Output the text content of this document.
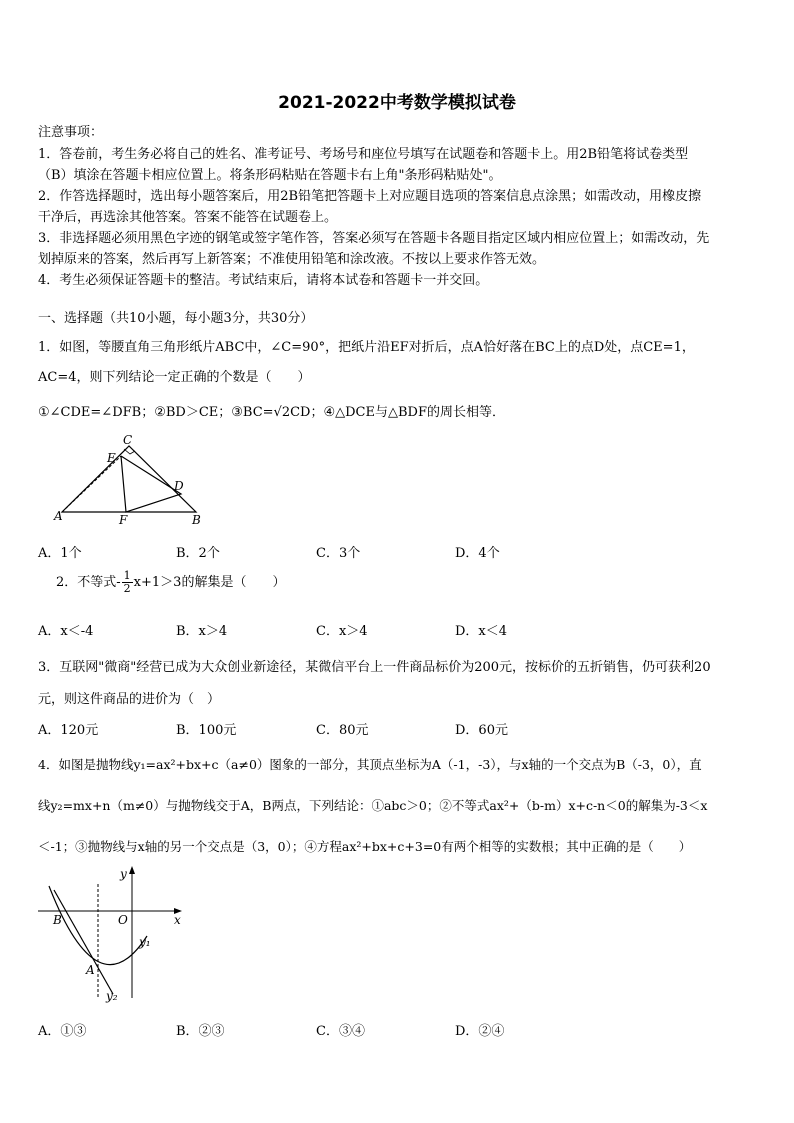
2021-2022中考数学模拟试卷
注意事项：
1．答卷前，考生务必将自己的姓名、准考证号、考场号和座位号填写在试题卷和答题卡上。用2B铅笔将试卷类型
（B）填涂在答题卡相应位置上。将条形码粘贴在答题卡右上角"条形码粘贴处"。
2．作答选择题时，选出每小题答案后，用2B铅笔把答题卡上对应题目选项的答案信息点涂黑；如需改动，用橡皮擦
干净后，再选涂其他答案。答案不能答在试题卷上。
3．非选择题必须用黑色字迹的钢笔或签字笔作答，答案必须写在答题卡各题目指定区域内相应位置上；如需改动，先
划掉原来的答案，然后再写上新答案；不准使用铅笔和涂改液。不按以上要求作答无效。
4．考生必须保证答题卡的整洁。考试结束后，请将本试卷和答题卡一并交回。
一、选择题（共10小题，每小题3分，共30分）
1．如图，等腰直角三角形纸片ABC中，∠C=90°，把纸片沿EF对折后，点A恰好落在BC上的点D处，点CE=1，
AC=4，则下列结论一定正确的个数是（　　）
①∠CDE=∠DFB；②BD＞CE；③BC=√2CD；④△DCE与△BDF的周长相等．
C
E
D
A	F	B
A．1个	B．2个	C．3个	D．4个
2．不等式- $\frac{1}{2} x+1>3$的解集是（　　）
A．x＜-4	B．x＞4	C．x＞4	D．x＜4
3．互联网"微商"经营已成为大众创业新途径，某微信平台上一件商品标价为200元，按标价的五折销售，仍可获利20
元，则这件商品的进价为（　）
A．120元	B．100元	C．80元	D．60元
4．如图是抛物线y₁=ax²+bx+c（a≠0）图象的一部分，其顶点坐标为A（-1，-3），与x轴的一个交点为B（-3，0），直
线y₂=mx+n（m≠0）与抛物线交于A，B两点，下列结论：①abc＞0；②不等式ax²+（b-m）x+c-n＜0的解集为-3＜x
＜-1；③抛物线与x轴的另一个交点是（3，0）；④方程ax²+bx+c+3=0有两个相等的实数根；其中正确的是（　　）
y
x
O
B
A
y₁
y₂
A．①③	B．②③	C．③④	D．②④
